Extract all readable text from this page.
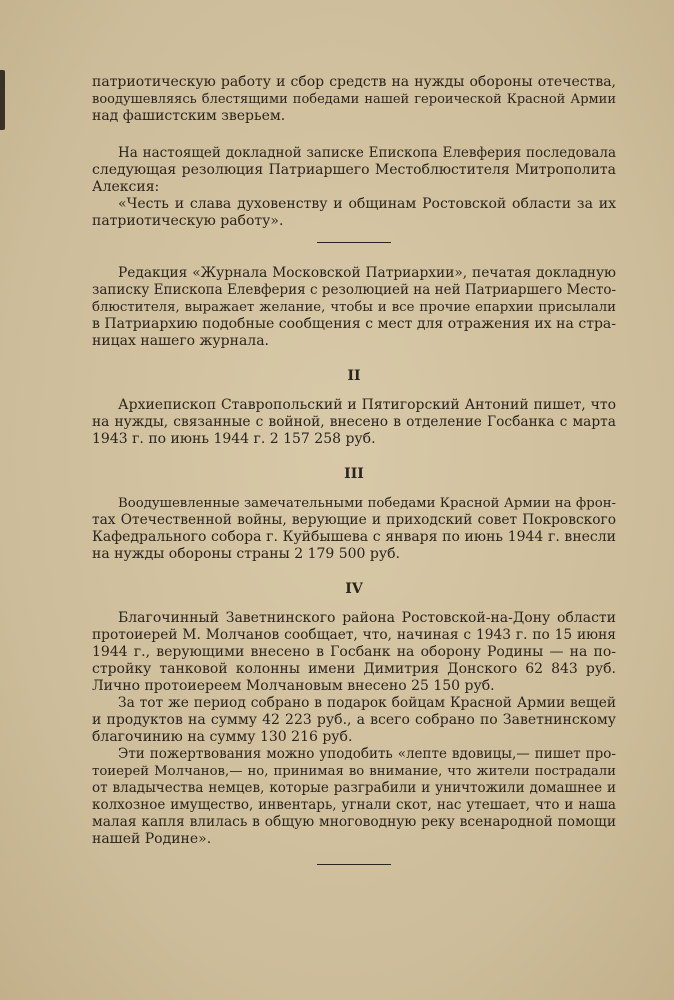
патриотическую работу и сбор средств на нужды обороны отечества,
воодушевляясь блестящими победами нашей героической Красной Армии
над фашистским зверьем.
На настоящей докладной записке Епископа Елевферия последовала
следующая резолюция Патриаршего Местоблюстителя Митрополита
Алексия:
«Честь и слава духовенству и общинам Ростовской области за их
патриотическую работу».
Редакция «Журнала Московской Патриархии», печатая докладную
записку Епископа Елевферия с резолюцией на ней Патриаршего Место-
блюстителя, выражает желание, чтобы и все прочие епархии присылали
в Патриархию подобные сообщения с мест для отражения их на стра-
ницах нашего журнала.
II
Архиепископ Ставропольский и Пятигорский Антоний пишет, что
на нужды, связанные с войной, внесено в отделение Госбанка с марта
1943 г. по июнь 1944 г. 2 157 258 руб.
III
Воодушевленные замечательными победами Красной Армии на фрон-
тах Отечественной войны, верующие и приходский совет Покровского
Кафедрального собора г. Куйбышева с января по июнь 1944 г. внесли
на нужды обороны страны 2 179 500 руб.
IV
Благочинный Заветнинского района Ростовской-на-Дону области
протоиерей М. Молчанов сообщает, что, начиная с 1943 г. по 15 июня
1944 г., верующими внесено в Госбанк на оборону Родины — на по-
стройку танковой колонны имени Димитрия Донского 62 843 руб.
Лично протоиереем Молчановым внесено 25 150 руб.
За тот же период собрано в подарок бойцам Красной Армии вещей
и продуктов на сумму 42 223 руб., а всего собрано по Заветнинскому
благочинию на сумму 130 216 руб.
Эти пожертвования можно уподобить «лепте вдовицы,— пишет про-
тоиерей Молчанов,— но, принимая во внимание, что жители пострадали
от владычества немцев, которые разграбили и уничтожили домашнее и
колхозное имущество, инвентарь, угнали скот, нас утешает, что и наша
малая капля влилась в общую многоводную реку всенародной помощи
нашей Родине».
